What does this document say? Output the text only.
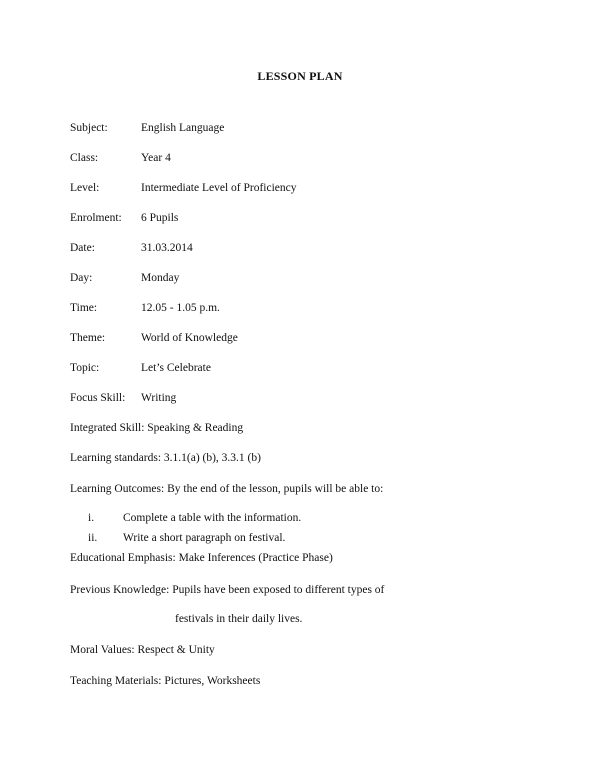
LESSON PLAN
Subject:	English Language
Class:	Year 4
Level:	Intermediate Level of Proficiency
Enrolment: 6 Pupils
Date:	31.03.2014
Day:	Monday
Time:	12.05 - 1.05 p.m.
Theme:	World of Knowledge
Topic:	Let’s Celebrate
Focus Skill: Writing
Integrated Skill: Speaking & Reading
Learning standards: 3.1.1(a) (b), 3.3.1 (b)
Learning Outcomes: By the end of the lesson, pupils will be able to:
i.	Complete a table with the information.
ii. Write a short paragraph on festival.
Educational Emphasis: Make Inferences (Practice Phase)
Previous Knowledge: Pupils have been exposed to different types of
festivals in their daily lives.
Moral Values: Respect & Unity
Teaching Materials: Pictures, Worksheets
